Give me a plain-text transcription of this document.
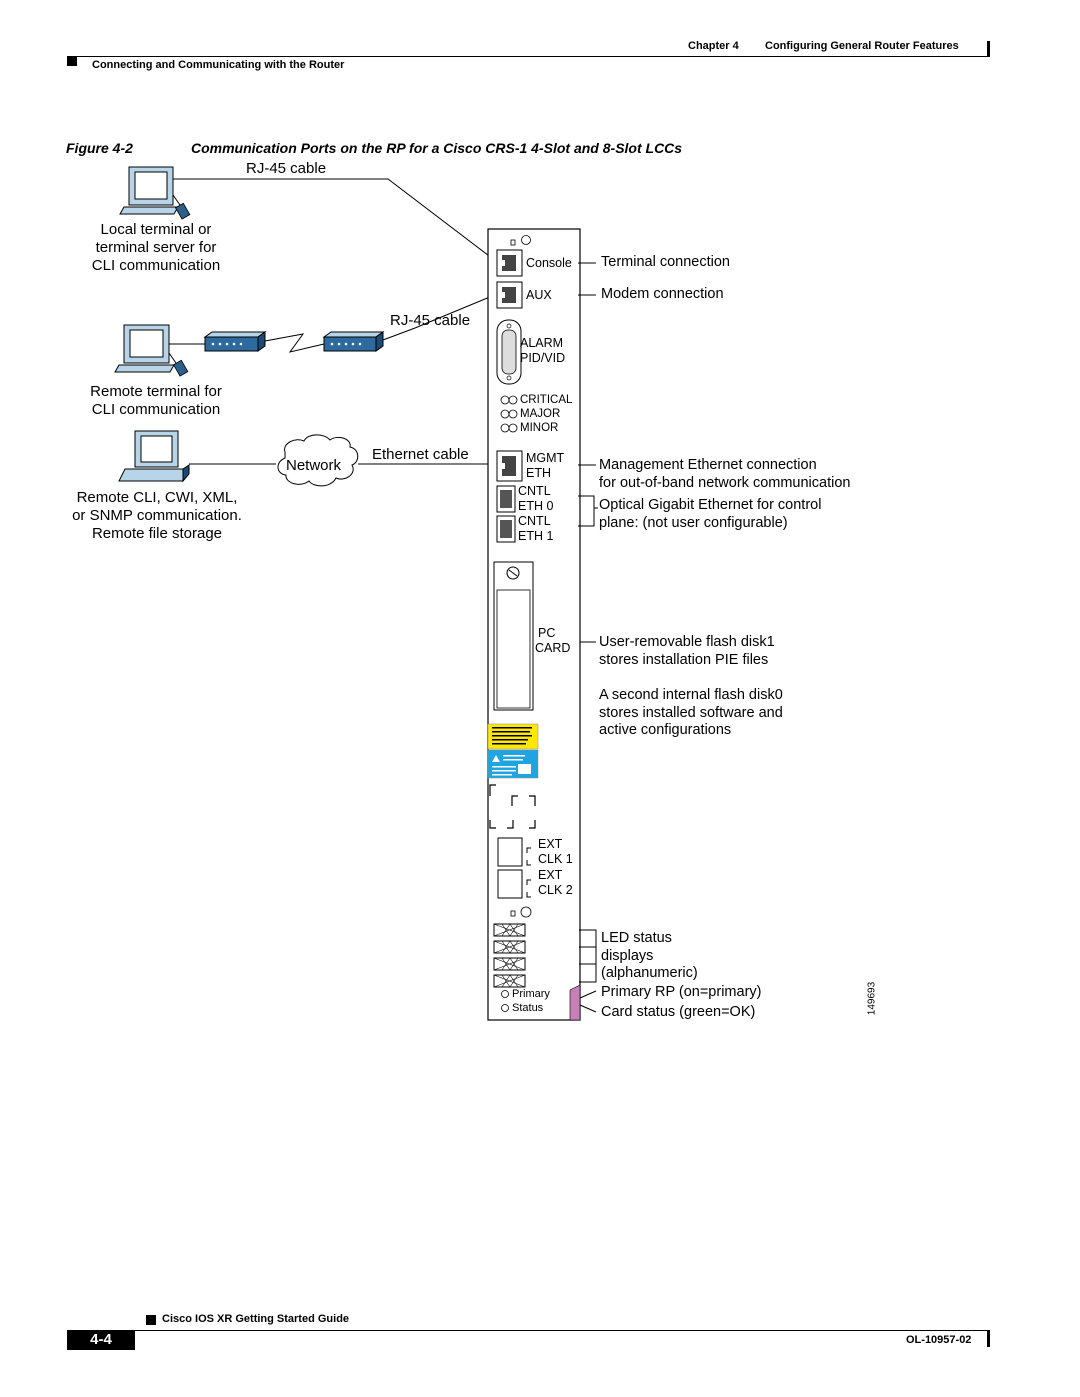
Chapter 4 Configuring General Router Features
Connecting and Communicating with the Router
Figure 4-2	Communication Ports on the RP for a Cisco CRS-1 4-Slot and 8-Slot LCCs
RJ-45 cable
Local terminal or
terminal server for
CLI communication
RJ-45 cable
Remote terminal for
CLI communication
Network
Ethernet cable
Remote CLI, CWI, XML,
or SNMP communication.
Remote file storage
Console
AUX
ALARM
PID/VID
CRITICAL
MAJOR
MINOR
MGMT
ETH
CNTL
ETH 0
CNTL
ETH 1
PC
CARD
EXT
CLK 1
EXT
CLK 2
Primary
Status
Terminal connection
Modem connection
Management Ethernet connection
for out-of-band network communication
Optical Gigabit Ethernet for control
plane: (not user configurable)
User-removable flash disk1
stores installation PIE files
A second internal flash disk0
stores installed software and
active configurations
LED status
displays
(alphanumeric)
Primary RP (on=primary)
Card status (green=OK)	149693
Cisco IOS XR Getting Started Guide
4-4	OL-10957-02
